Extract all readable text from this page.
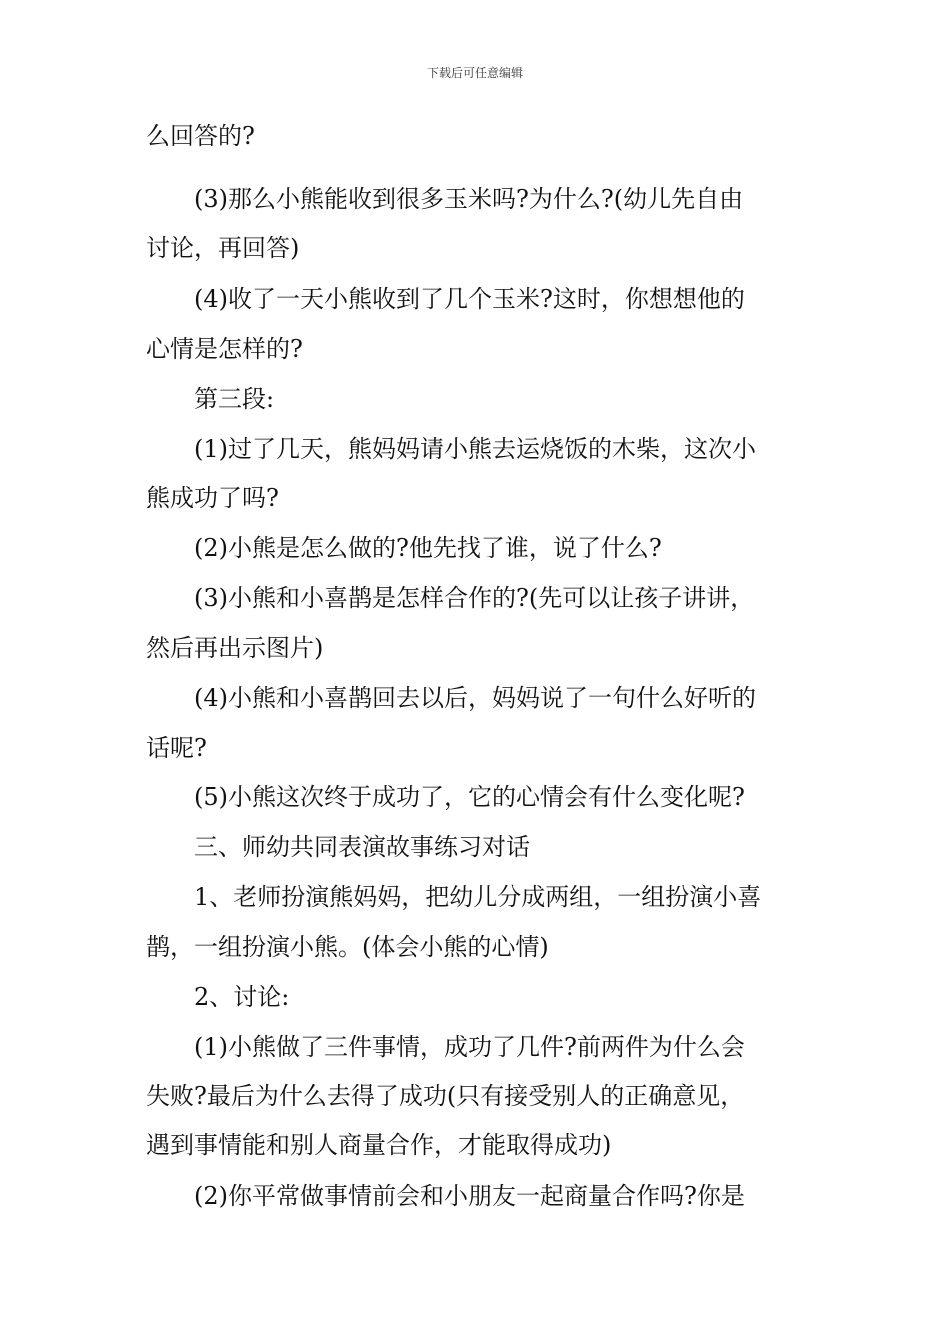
下载后可任意编辑
么回答的?
(3)那么小熊能收到很多玉米吗?为什么?(幼儿先自由
讨论，再回答)
(4)收了一天小熊收到了几个玉米?这时，你想想他的
心情是怎样的?
第三段:
(1)过了几天，熊妈妈请小熊去运烧饭的木柴，这次小
熊成功了吗?
(2)小熊是怎么做的?他先找了谁，说了什么?
(3)小熊和小喜鹊是怎样合作的?(先可以让孩子讲讲，
然后再出示图片)
(4)小熊和小喜鹊回去以后，妈妈说了一句什么好听的
话呢?
(5)小熊这次终于成功了，它的心情会有什么变化呢?
三、师幼共同表演故事练习对话
1、老师扮演熊妈妈，把幼儿分成两组，一组扮演小喜
鹊，一组扮演小熊。(体会小熊的心情)
2、讨论:
(1)小熊做了三件事情，成功了几件?前两件为什么会
失败?最后为什么去得了成功(只有接受别人的正确意见，
遇到事情能和别人商量合作，才能取得成功)
(2)你平常做事情前会和小朋友一起商量合作吗?你是
